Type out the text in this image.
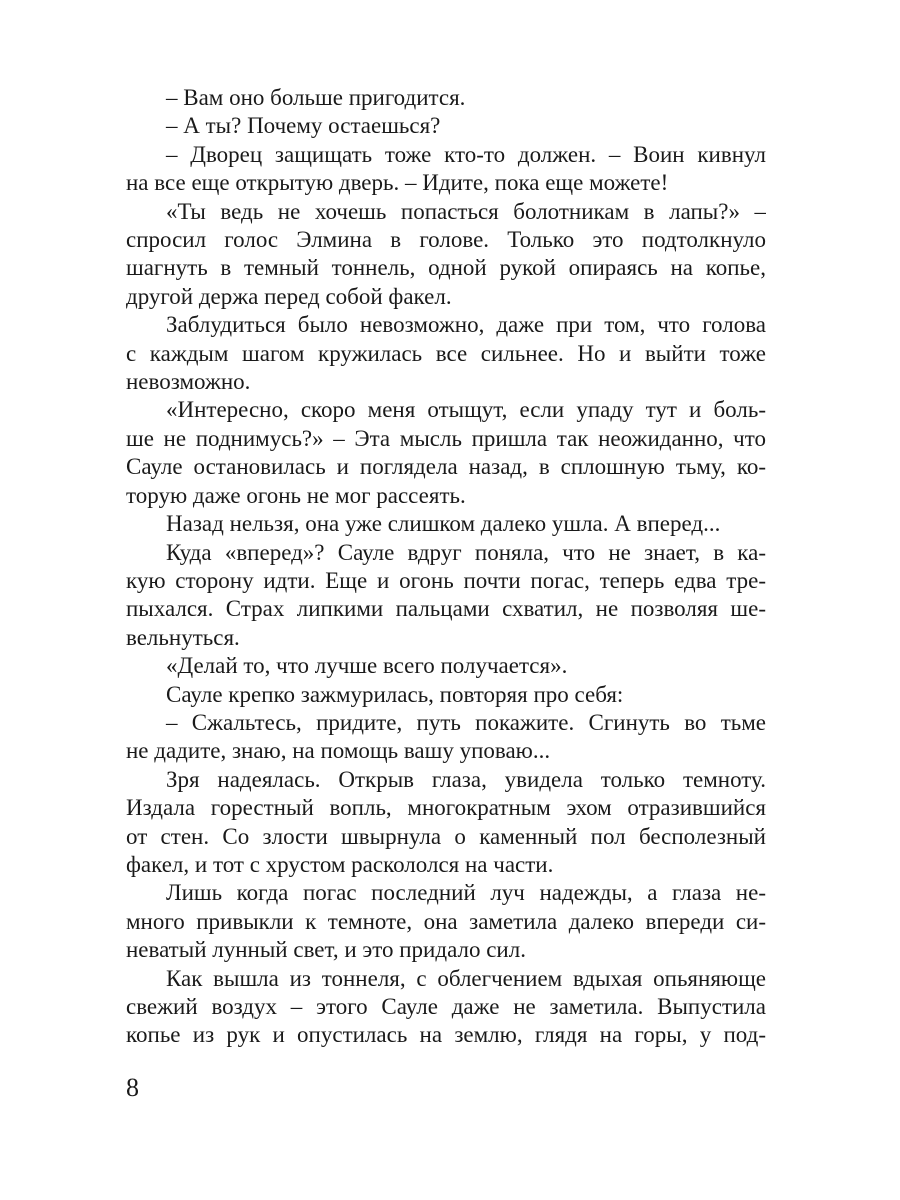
– Вам оно больше пригодится.
– А ты? Почему остаешься?
– Дворец защищать тоже кто-то должен. – Воин кивнул
на все еще открытую дверь. – Идите, пока еще можете!
«Ты ведь не хочешь попасться болотникам в лапы?» –
спросил голос Элмина в голове. Только это подтолкнуло
шагнуть в темный тоннель, одной рукой опираясь на копье,
другой держа перед собой факел.
Заблудиться было невозможно, даже при том, что голова
с каждым шагом кружилась все сильнее. Но и выйти тоже
невозможно.
«Интересно, скоро меня отыщут, если упаду тут и боль-
ше не поднимусь?» – Эта мысль пришла так неожиданно, что
Сауле остановилась и поглядела назад, в сплошную тьму, ко-
торую даже огонь не мог рассеять.
Назад нельзя, она уже слишком далеко ушла. А вперед...
Куда «вперед»? Сауле вдруг поняла, что не знает, в ка-
кую сторону идти. Еще и огонь почти погас, теперь едва тре-
пыхался. Страх липкими пальцами схватил, не позволяя ше-
вельнуться.
«Делай то, что лучше всего получается».
Сауле крепко зажмурилась, повторяя про себя:
– Сжальтесь, придите, путь покажите. Сгинуть во тьме
не дадите, знаю, на помощь вашу уповаю...
Зря надеялась. Открыв глаза, увидела только темноту.
Издала горестный вопль, многократным эхом отразившийся
от стен. Со злости швырнула о каменный пол бесполезный
факел, и тот с хрустом раскололся на части.
Лишь когда погас последний луч надежды, а глаза не-
много привыкли к темноте, она заметила далеко впереди си-
неватый лунный свет, и это придало сил.
Как вышла из тоннеля, с облегчением вдыхая опьяняюще
свежий воздух – этого Сауле даже не заметила. Выпустила
копье из рук и опустилась на землю, глядя на горы, у под-
8
